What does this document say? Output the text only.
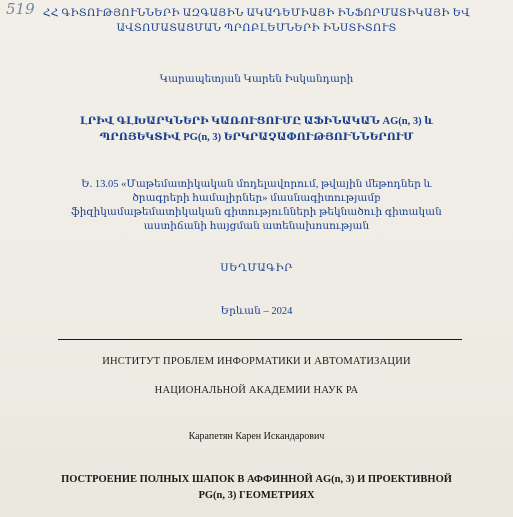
519 ՀՀ ԳԻՏՈՒԹՅՈՒՆՆԵՐԻ ԱԶԳԱՅԻՆ ԱԿԱԴԵՄԻԱՅԻ ԻՆՖՈՐՄԱՏԻԿԱՅԻ ԵՎ ԱՎՏՈՄԱՏԱՑՄԱՆ ՊՐՈԲԼԵՄՆԵՐԻ ԻՆՍՏԻՏՈՒՏ
Կարապետյան Կարեն Իսկանդարի
ԼՐԻՎ ԳԼԽԱՐԿՆԵՐԻ ԿԱՌՈՒՑՈՒՄԸ ԱՖԻՆԱԿԱՆ AG(n, 3) և ՊՐՈՅԵԿՏԻՎ PG(n, 3) ԵՐԿՐԱՉԱՓՈՒԹՅՈՒՆՆԵՐՈՒՄ
Ե. 13.05 «Մաթեմատիկական մոդելավորում, թվային մեթոդներ և ծրագրերի համալիրներ» մասնագիտությամբ ֆիզիկամաթեմատիկական գիտությունների թեկնածուի գիտական աստիճանի հայցման ատենախոսության
ՍԵՂՄԱԳԻՐ
Երևան – 2024
ИНСТИТУТ ПРОБЛЕМ ИНФОРМАТИКИ И АВТОМАТИЗАЦИИ
НАЦИОНАЛЬНОЙ АКАДЕМИИ НАУК РА
Карапетян Карен Искандарович
ПОСТРОЕНИЕ ПОЛНЫХ ШАПОК В АФФИННОЙ AG(n, 3) И ПРОЕКТИВНОЙ PG(n, 3) ГЕОМЕТРИЯХ
